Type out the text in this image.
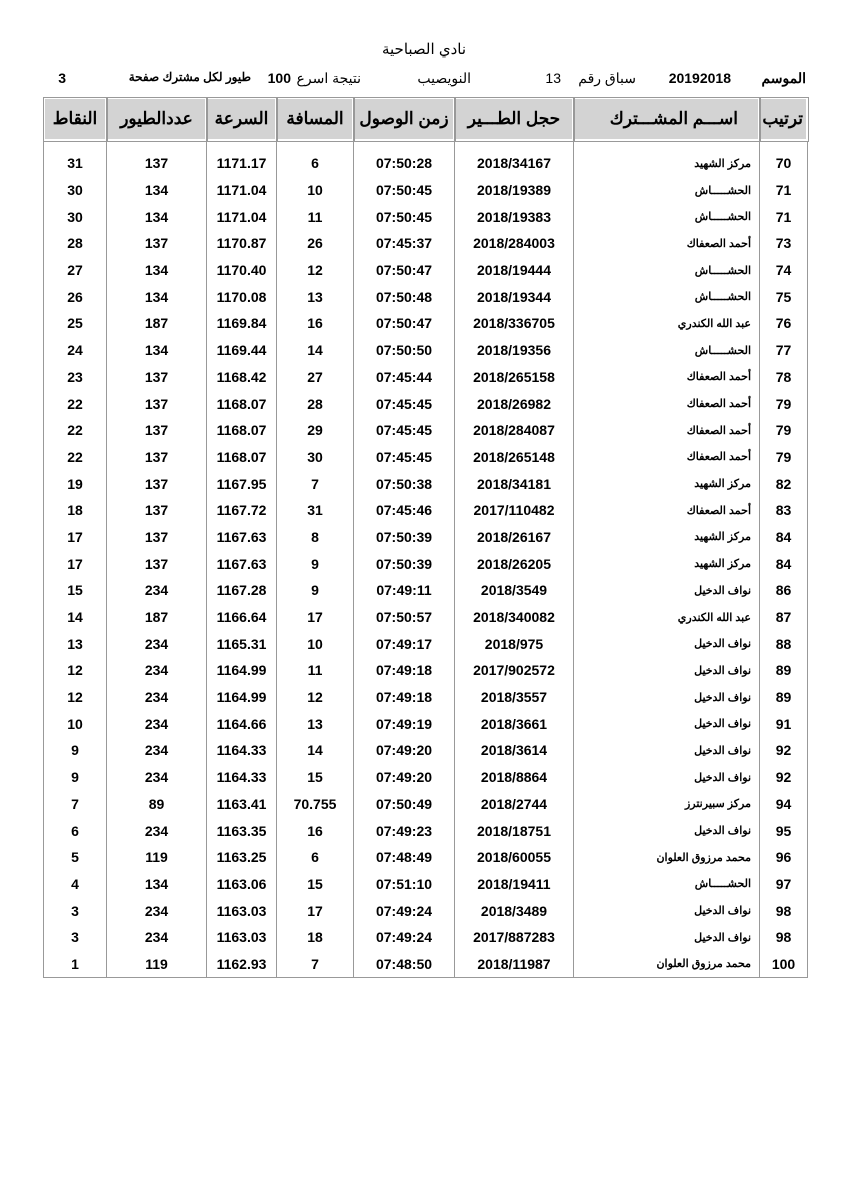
نادي الصباحية
الموسم
20192018
سباق رقم
13
النويصيب
نتيجة اسرع
100
طيور لكل مشترك صفحة
3
ترتيب	اســـم المشـــترك	حجل الطـــير	زمن الوصول	المسافة	السرعة	عددالطيور	النقاط
70	مركز الشهيد	2018/34167	07:50:28	6	1171.17	137	31
71	الحشـــــاش	2018/19389	07:50:45	10	1171.04	134	30
71	الحشـــــاش	2018/19383	07:50:45	11	1171.04	134	30
73	أحمد الصعفاك	2018/284003	07:45:37	26	1170.87	137	28
74	الحشـــــاش	2018/19444	07:50:47	12	1170.40	134	27
75	الحشـــــاش	2018/19344	07:50:48	13	1170.08	134	26
76	عبد الله الكندري	2018/336705	07:50:47	16	1169.84	187	25
77	الحشـــــاش	2018/19356	07:50:50	14	1169.44	134	24
78	أحمد الصعفاك	2018/265158	07:45:44	27	1168.42	137	23
79	أحمد الصعفاك	2018/26982	07:45:45	28	1168.07	137	22
79	أحمد الصعفاك	2018/284087	07:45:45	29	1168.07	137	22
79	أحمد الصعفاك	2018/265148	07:45:45	30	1168.07	137	22
82	مركز الشهيد	2018/34181	07:50:38	7	1167.95	137	19
83	أحمد الصعفاك	2017/110482	07:45:46	31	1167.72	137	18
84	مركز الشهيد	2018/26167	07:50:39	8	1167.63	137	17
84	مركز الشهيد	2018/26205	07:50:39	9	1167.63	137	17
86	نواف الدخيل	2018/3549	07:49:11	9	1167.28	234	15
87	عبد الله الكندري	2018/340082	07:50:57	17	1166.64	187	14
88	نواف الدخيل	2018/975	07:49:17	10	1165.31	234	13
89	نواف الدخيل	2017/902572	07:49:18	11	1164.99	234	12
89	نواف الدخيل	2018/3557	07:49:18	12	1164.99	234	12
91	نواف الدخيل	2018/3661	07:49:19	13	1164.66	234	10
92	نواف الدخيل	2018/3614	07:49:20	14	1164.33	234	9
92	نواف الدخيل	2018/8864	07:49:20	15	1164.33	234	9
94	مركز سبيرنترز	2018/2744	07:50:49	70.755	1163.41	89	7
95	نواف الدخيل	2018/18751	07:49:23	16	1163.35	234	6
96	محمد مرزوق العلوان	2018/60055	07:48:49	6	1163.25	119	5
97	الحشـــــاش	2018/19411	07:51:10	15	1163.06	134	4
98	نواف الدخيل	2018/3489	07:49:24	17	1163.03	234	3
98	نواف الدخيل	2017/887283	07:49:24	18	1163.03	234	3
100	محمد مرزوق العلوان	2018/11987	07:48:50	7	1162.93	119	1
